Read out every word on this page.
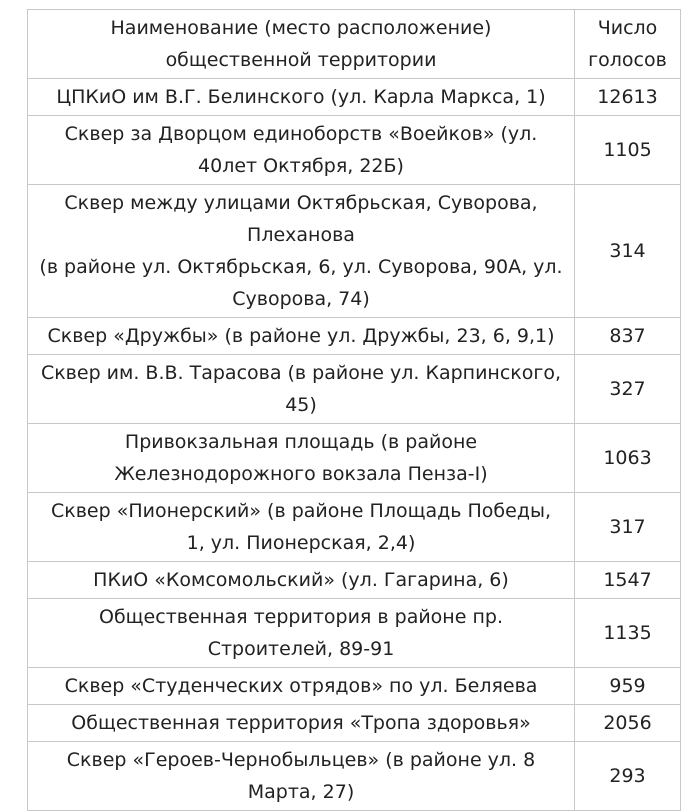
Наименование (место расположение)
общественной территории	Число
голосов
ЦПКиО им В.Г. Белинского (ул. Карла Маркса, 1)	12613
Сквер за Дворцом единоборств «Воейков» (ул.
40лет Октября, 22Б)	1105
Сквер между улицами Октябрьская, Суворова,
Плеханова
(в районе ул. Октябрьская, 6, ул. Суворова, 90А, ул.
Суворова, 74)	314
Сквер «Дружбы» (в районе ул. Дружбы, 23, 6, 9,1)	837
Сквер им. В.В. Тарасова (в районе ул. Карпинского,
45)	327
Привокзальная площадь (в районе
Железнодорожного вокзала Пенза-I)	1063
Сквер «Пионерский» (в районе Площадь Победы,
1, ул. Пионерская, 2,4)	317
ПКиО «Комсомольский» (ул. Гагарина, 6)	1547
Общественная территория в районе пр.
Строителей, 89-91	1135
Сквер «Студенческих отрядов» по ул. Беляева	959
Общественная территория «Тропа здоровья»	2056
Сквер «Героев-Чернобыльцев» (в районе ул. 8
Марта, 27)	293
